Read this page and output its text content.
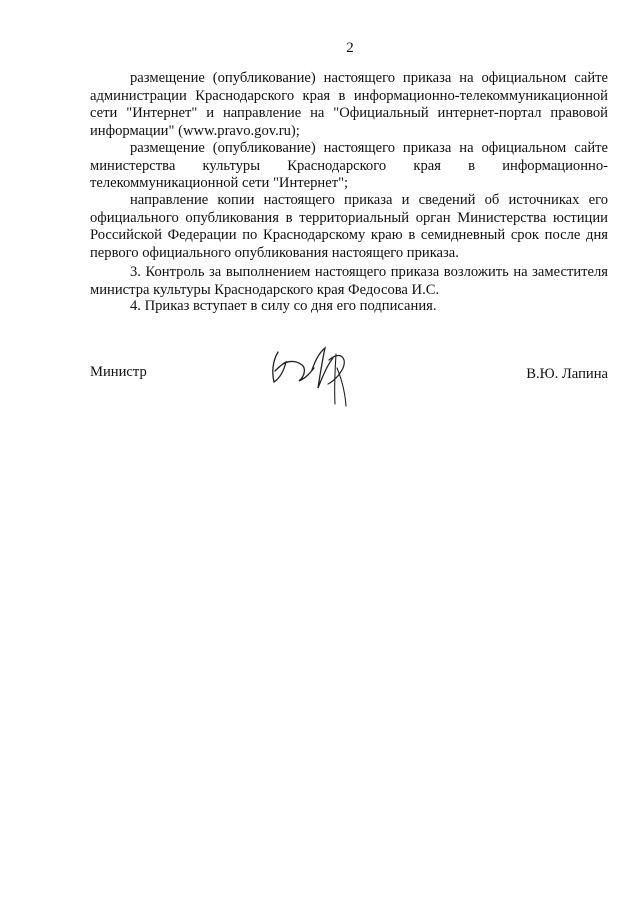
2

размещение (опубликование) настоящего приказа на официальном сайте администрации Краснодарского края в информационно-телекоммуникационной сети "Интернет" и направление на "Официальный интернет-портал правовой информации" (www.pravo.gov.ru);

размещение (опубликование) настоящего приказа на официальном сайте министерства культуры Краснодарского края в информационно-телекоммуникационной сети "Интернет";

направление копии настоящего приказа и сведений об источниках его официального опубликования в территориальный орган Министерства юстиции Российской Федерации по Краснодарскому краю в семидневный срок после дня первого официального опубликования настоящего приказа.

3. Контроль за выполнением настоящего приказа возложить на заместителя министра культуры Краснодарского края Федосова И.С.

4. Приказ вступает в силу со дня его подписания.

Министр	В.Ю. Лапина
